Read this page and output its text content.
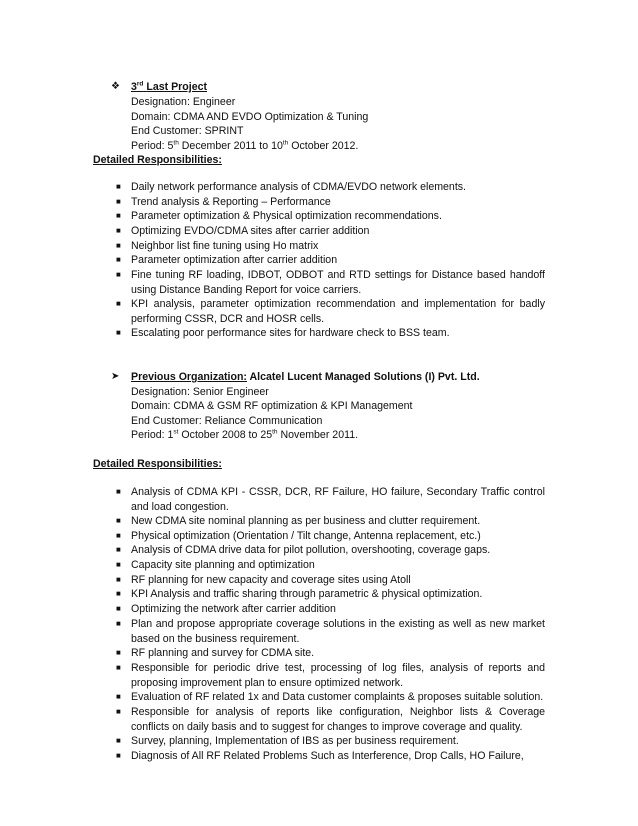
❖ 3rd Last Project
Designation: Engineer
Domain: CDMA AND EVDO Optimization & Tuning
End Customer: SPRINT
Period: 5th December 2011 to 10th October 2012.
Detailed Responsibilities:
■ Daily network performance analysis of CDMA/EVDO network elements.
■ Trend analysis & Reporting – Performance
■ Parameter optimization & Physical optimization recommendations.
■ Optimizing EVDO/CDMA sites after carrier addition
■ Neighbor list fine tuning using Ho matrix
■ Parameter optimization after carrier addition
■ Fine tuning RF loading, IDBOT, ODBOT and RTD settings for Distance based handoff using Distance Banding Report for voice carriers.
■ KPI analysis, parameter optimization recommendation and implementation for badly performing CSSR, DCR and HOSR cells.
■ Escalating poor performance sites for hardware check to BSS team.
➤ Previous Organization: Alcatel Lucent Managed Solutions (I) Pvt. Ltd.
Designation: Senior Engineer
Domain: CDMA & GSM RF optimization & KPI Management
End Customer: Reliance Communication
Period: 1st October 2008 to 25th November 2011.
Detailed Responsibilities:
■ Analysis of CDMA KPI - CSSR, DCR, RF Failure, HO failure, Secondary Traffic control and load congestion.
■ New CDMA site nominal planning as per business and clutter requirement.
■ Physical optimization (Orientation / Tilt change, Antenna replacement, etc.)
■ Analysis of CDMA drive data for pilot pollution, overshooting, coverage gaps.
■ Capacity site planning and optimization
■ RF planning for new capacity and coverage sites using Atoll
■ KPI Analysis and traffic sharing through parametric & physical optimization.
■ Optimizing the network after carrier addition
■ Plan and propose appropriate coverage solutions in the existing as well as new market based on the business requirement.
■ RF planning and survey for CDMA site.
■ Responsible for periodic drive test, processing of log files, analysis of reports and proposing improvement plan to ensure optimized network.
■ Evaluation of RF related 1x and Data customer complaints & proposes suitable solution.
■ Responsible for analysis of reports like configuration, Neighbor lists & Coverage conflicts on daily basis and to suggest for changes to improve coverage and quality.
■ Survey, planning, Implementation of IBS as per business requirement.
■ Diagnosis of All RF Related Problems Such as Interference, Drop Calls, HO Failure,
